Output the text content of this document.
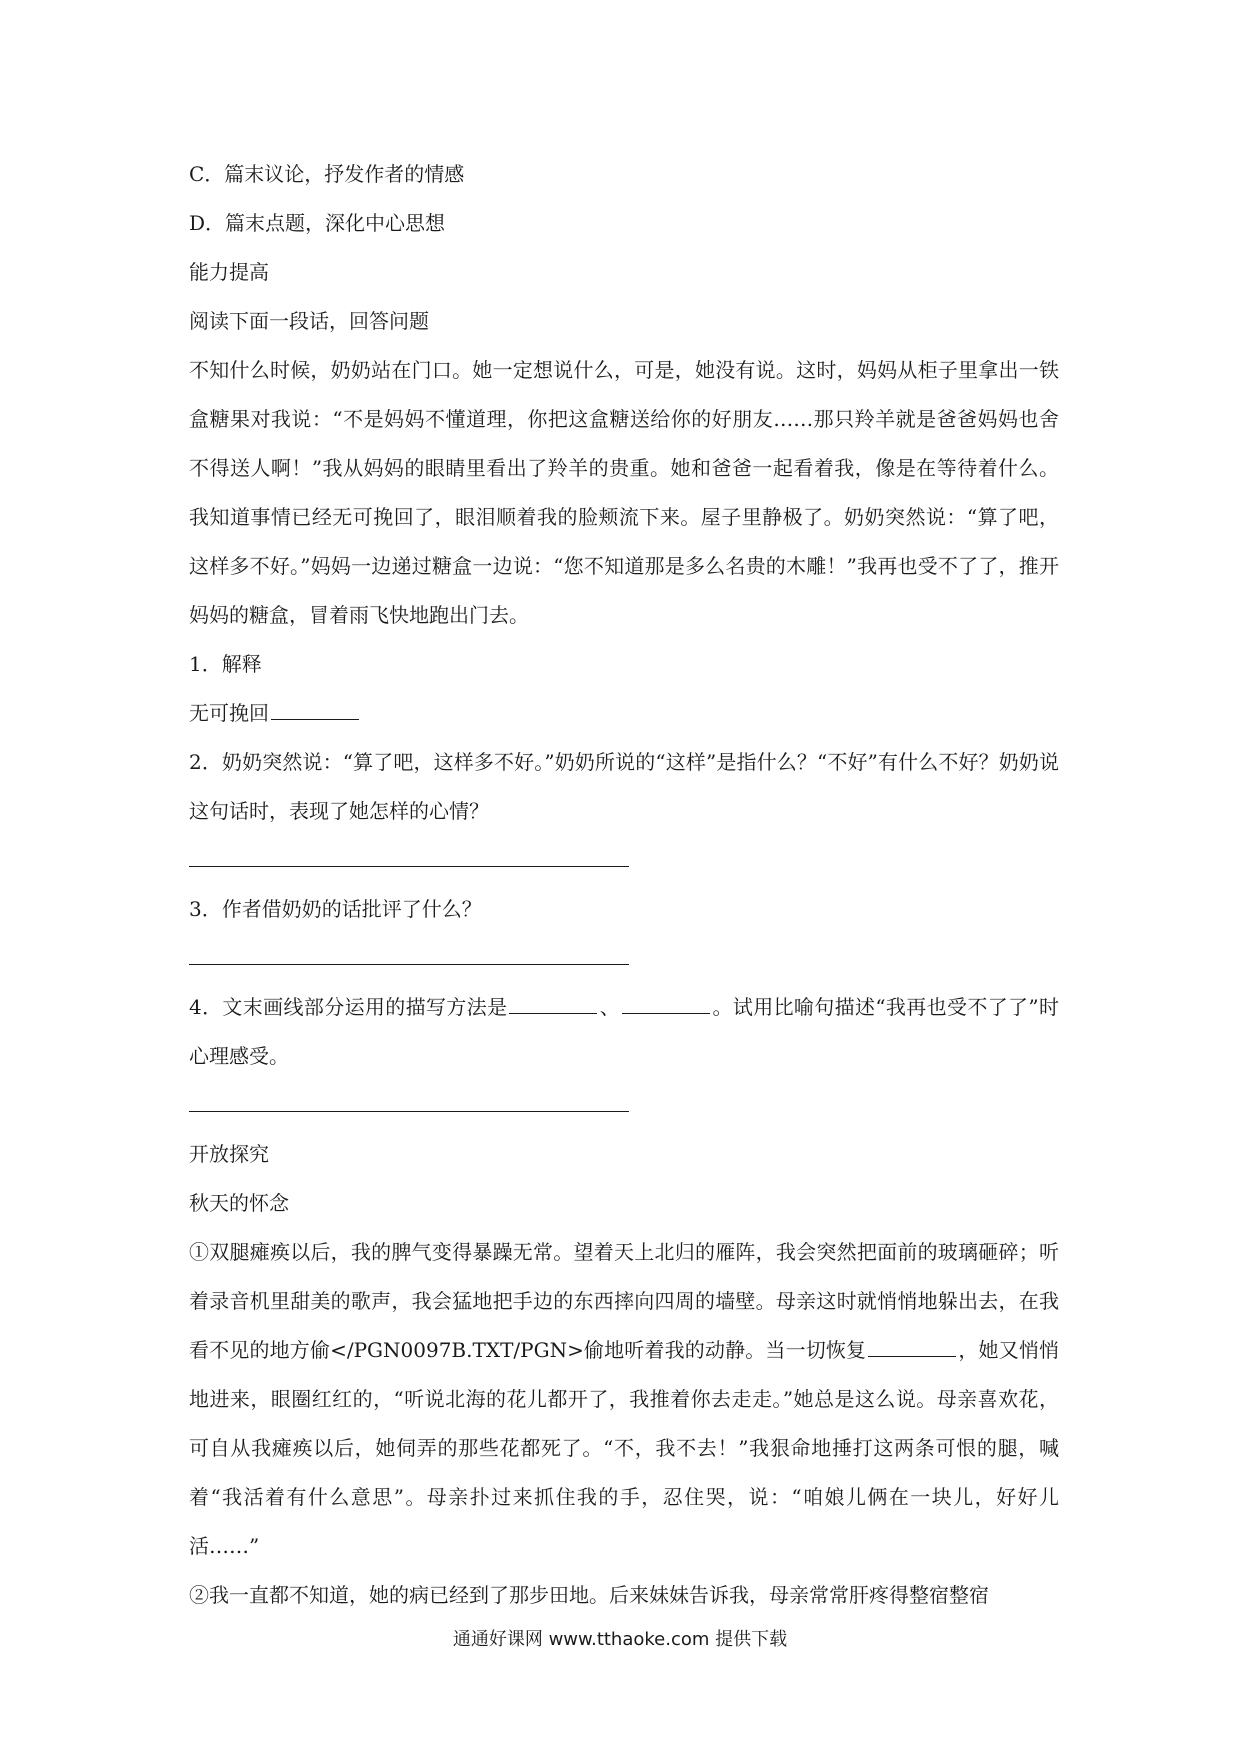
C．篇末议论，抒发作者的情感
D．篇末点题，深化中心思想
能力提高
阅读下面一段话，回答问题
不知什么时候，奶奶站在门口。她一定想说什么，可是，她没有说。这时，妈妈从柜子里拿出一铁盒糖果对我说：“不是妈妈不懂道理，你把这盒糖送给你的好朋友……那只羚羊就是爸爸妈妈也舍不得送人啊！”我从妈妈的眼睛里看出了羚羊的贵重。她和爸爸一起看着我，像是在等待着什么。我知道事情已经无可挽回了，眼泪顺着我的脸颊流下来。屋子里静极了。奶奶突然说：“算了吧，这样多不好。”妈妈一边递过糖盒一边说：“您不知道那是多么名贵的木雕！”我再也受不了了，推开妈妈的糖盒，冒着雨飞快地跑出门去。
1．解释
无可挽回
2．奶奶突然说：“算了吧，这样多不好。”奶奶所说的“这样”是指什么？“不好”有什么不好？奶奶说这句话时，表现了她怎样的心情？
3．作者借奶奶的话批评了什么？
4．文末画线部分运用的描写方法是	、	。试用比喻句描述“我再也受不了了”时心理感受。
开放探究
秋天的怀念
①双腿瘫痪以后，我的脾气变得暴躁无常。望着天上北归的雁阵，我会突然把面前的玻璃砸碎；听着录音机里甜美的歌声，我会猛地把手边的东西摔向四周的墙壁。母亲这时就悄悄地躲出去，在我看不见的地方偷</PGN0097B.TXT/PGN>偷地听着我的动静。当一切恢复	，她又悄悄地进来，眼圈红红的，“听说北海的花儿都开了，我推着你去走走。”她总是这么说。母亲喜欢花，可自从我瘫痪以后，她伺弄的那些花都死了。“不，我不去！”我狠命地捶打这两条可恨的腿，喊着“我活着有什么意思”。母亲扑过来抓住我的手，忍住哭，说：“咱娘儿俩在一块儿，好好儿活……”
②我一直都不知道，她的病已经到了那步田地。后来妹妹告诉我，母亲常常肝疼得整宿整宿
通通好课网 www.tthaoke.com 提供下载
